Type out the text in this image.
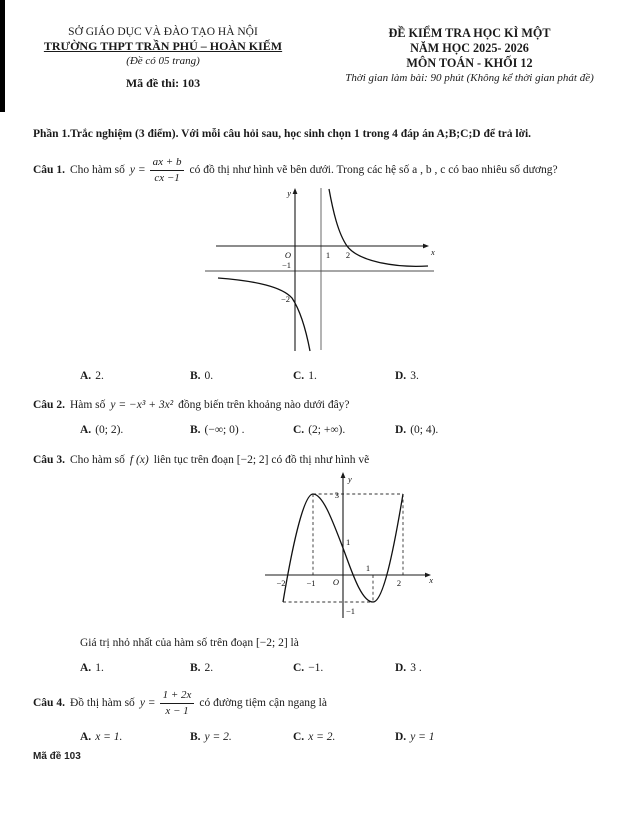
SỞ GIÁO DỤC VÀ ĐÀO TẠO HÀ NỘI
TRƯỜNG THPT TRẦN PHÚ – HOÀN KIẾM
(Đề có 05 trang)
Mã đề thi: 103
ĐỀ KIỂM TRA HỌC KÌ MỘT
NĂM HỌC 2025- 2026
MÔN TOÁN - KHỐI 12
Thời gian làm bài: 90 phút (Không kể thời gian phát đề)

Phần 1.Trắc nghiệm (3 điểm). Với mỗi câu hỏi sau, học sinh chọn 1 trong 4 đáp án A;B;C;D để trả lời.

Câu 1. Cho hàm số $y = \frac{ax + b}{cx -1}$ có đồ thị như hình vẽ bên dưới. Trong các hệ số a , b , c có bao nhiêu số dương?
y
x
O	1 2
−1
−2
A. 2.	B. 0.	C. 1.	D. 3.
Câu 2. Hàm số y = −x³ + 3x² đồng biến trên khoảng nào dưới đây?
A. (0; 2).	B. (−∞; 0) .	C. (2; +∞).	D. (0; 4).
Câu 3. Cho hàm số f (x) liên tục trên đoạn [−2; 2] có đồ thị như hình vẽ
y
x
O
3
1
−1
−2 −1
1
2
Giá trị nhỏ nhất của hàm số trên đoạn [−2; 2] là
A. 1.	B. 2.	C. −1.	D. 3 .
Câu 4. Đồ thị hàm số $y = \frac{1 + 2x}{x - 1}$ có đường tiệm cận ngang là
A. x = 1.	B. y = 2.	C. x = 2.	D. y = 1
Mã đề 103
